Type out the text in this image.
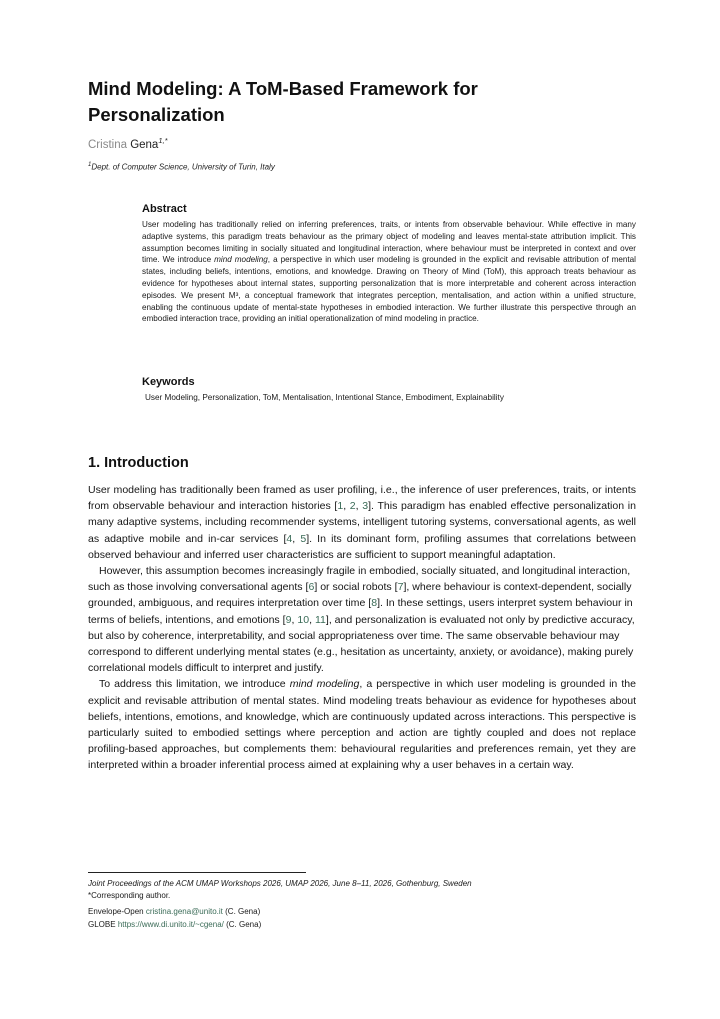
Mind Modeling: A ToM-Based Framework for Personalization
Cristina Gena$^{1,*}$
$^1$Dept. of Computer Science, University of Turin, Italy
Abstract
User modeling has traditionally relied on inferring preferences, traits, or intents from observable behaviour. While effective in many adaptive systems, this paradigm treats behaviour as the primary object of modeling and leaves mental-state attribution implicit. This assumption becomes limiting in socially situated and longitudinal interaction, where behaviour must be interpreted in context and over time. We introduce mind modeling, a perspective in which user modeling is grounded in the explicit and revisable attribution of mental states, including beliefs, intentions, emotions, and knowledge. Drawing on Theory of Mind (ToM), this approach treats behaviour as evidence for hypotheses about internal states, supporting personalization that is more interpretable and coherent across interaction episodes. We present M³, a conceptual framework that integrates perception, mentalisation, and action within a unified structure, enabling the continuous update of mental-state hypotheses in embodied interaction. We further illustrate this perspective through an embodied interaction trace, providing an initial operationalization of mind modeling in practice.
Keywords
User Modeling, Personalization, ToM, Mentalisation, Intentional Stance, Embodiment, Explainability
1. Introduction

User modeling has traditionally been framed as user profiling, i.e., the inference of user preferences, traits, or intents from observable behaviour and interaction histories [1, 2, 3]. This paradigm has enabled effective personalization in many adaptive systems, including recommender systems, intelligent tutoring systems, conversational agents, as well as adaptive mobile and in-car services [4, 5]. In its dominant form, profiling assumes that correlations between observed behaviour and inferred user characteristics are sufficient to support meaningful adaptation.

However, this assumption becomes increasingly fragile in embodied, socially situated, and longitudinal interaction, such as those involving conversational agents [6] or social robots [7], where behaviour is context-dependent, socially grounded, ambiguous, and requires interpretation over time [8]. In these settings, users interpret system behaviour in terms of beliefs, intentions, and emotions [9, 10, 11], and personalization is evaluated not only by predictive accuracy, but also by coherence, interpretability, and social appropriateness over time. The same observable behaviour may correspond to different underlying mental states (e.g., hesitation as uncertainty, anxiety, or avoidance), making purely correlational models difficult to interpret and justify.

To address this limitation, we introduce mind modeling, a perspective in which user modeling is grounded in the explicit and revisable attribution of mental states. Mind modeling treats behaviour as evidence for hypotheses about beliefs, intentions, emotions, and knowledge, which are continuously updated across interactions. This perspective is particularly suited to embodied settings where perception and action are tightly coupled and does not replace profiling-based approaches, but complements them: behavioural regularities and preferences remain, yet they are interpreted within a broader inferential process aimed at explaining why a user behaves in a certain way.

Joint Proceedings of the ACM UMAP Workshops 2026, UMAP 2026, June 8–11, 2026, Gothenburg, Sweden
*Corresponding author.
Envelope-Open cristina.gena@unito.it (C. Gena)
GLOBE https://www.di.unito.it/~cgena/ (C. Gena)
